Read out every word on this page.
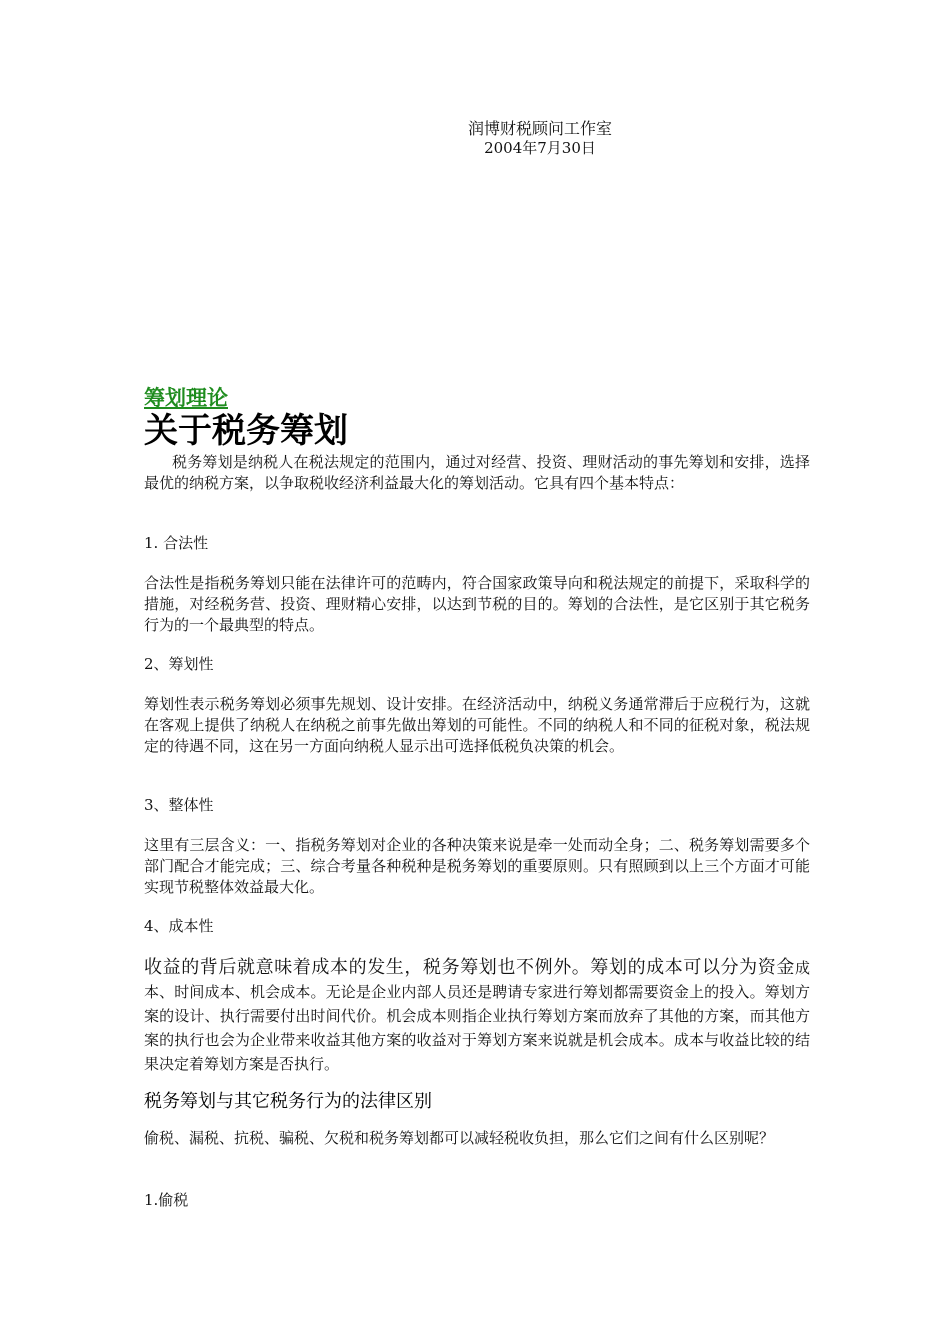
润博财税顾问工作室
2004年7月30日
筹划理论
关于税务筹划

税务筹划是纳税人在税法规定的范围内，通过对经营、投资、理财活动的事先筹划和安排，选择最优的纳税方案，以争取税收经济利益最大化的筹划活动。它具有四个基本特点：

1. 合法性

合法性是指税务筹划只能在法律许可的范畴内，符合国家政策导向和税法规定的前提下，采取科学的措施，对经税务营、投资、理财精心安排，以达到节税的目的。筹划的合法性，是它区别于其它税务行为的一个最典型的特点。

2、筹划性

筹划性表示税务筹划必须事先规划、设计安排。在经济活动中，纳税义务通常滞后于应税行为，这就在客观上提供了纳税人在纳税之前事先做出筹划的可能性。不同的纳税人和不同的征税对象，税法规定的待遇不同，这在另一方面向纳税人显示出可选择低税负决策的机会。

3、整体性

这里有三层含义：一、指税务筹划对企业的各种决策来说是牵一处而动全身；二、税务筹划需要多个部门配合才能完成；三、综合考量各种税种是税务筹划的重要原则。只有照顾到以上三个方面才可能实现节税整体效益最大化。

4、成本性

收益的背后就意味着成本的发生，税务筹划也不例外。筹划的成本可以分为资金成本、时间成本、机会成本。无论是企业内部人员还是聘请专家进行筹划都需要资金上的投入。筹划方案的设计、执行需要付出时间代价。机会成本则指企业执行筹划方案而放弃了其他的方案，而其他方案的执行也会为企业带来收益其他方案的收益对于筹划方案来说就是机会成本。成本与收益比较的结果决定着筹划方案是否执行。

税务筹划与其它税务行为的法律区别

偷税、漏税、抗税、骗税、欠税和税务筹划都可以减轻税收负担，那么它们之间有什么区别呢？

1.偷税
